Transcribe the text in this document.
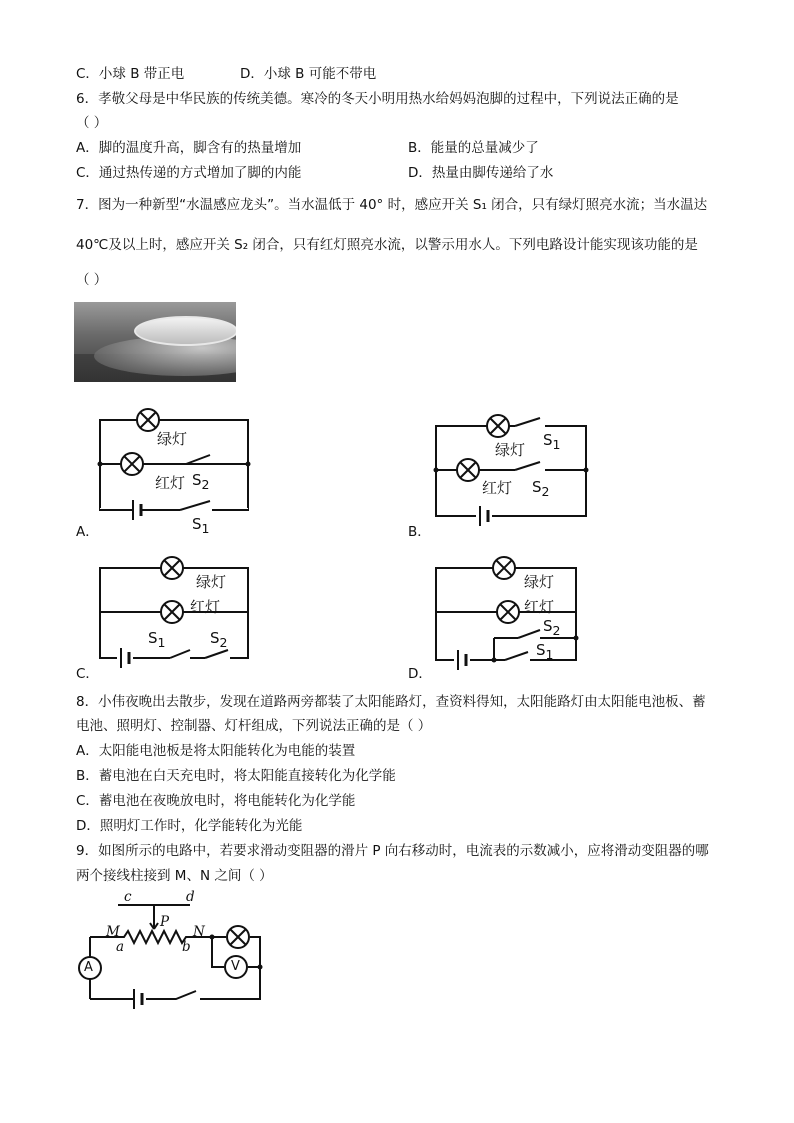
C．小球 B 带正电	D．小球 B 可能不带电
6．孝敬父母是中华民族的传统美德。寒冷的冬天小明用热水给妈妈泡脚的过程中，下列说法正确的是
（ ）
A．脚的温度升高，脚含有的热量增加	B．能量的总量减少了
C．通过热传递的方式增加了脚的内能	D．热量由脚传递给了水
7．图为一种新型“水温感应龙头”。当水温低于 40° 时，感应开关 S₁ 闭合，只有绿灯照亮水流；当水温达
40℃及以上时，感应开关 S₂ 闭合，只有红灯照亮水流，以警示用水人。下列电路设计能实现该功能的是
（ ）
绿灯
红灯 $S_2$
$S_1$
绿灯
$S_1$
红灯 $S_2$
绿灯
红灯
$S_1$	$S_2$
绿灯
红灯
$S_2$
$S_1$
A．	B．
C．	D．
8．小伟夜晚出去散步，发现在道路两旁都装了太阳能路灯，查资料得知，太阳能路灯由太阳能电池板、蓄
电池、照明灯、控制器、灯杆组成，下列说法正确的是（ ）
A．太阳能电池板是将太阳能转化为电能的装置
B．蓄电池在白天充电时，将太阳能直接转化为化学能
C．蓄电池在夜晚放电时，将电能转化为化学能
D．照明灯工作时，化学能转化为光能
9．如图所示的电路中，若要求滑动变阻器的滑片 P 向右移动时，电流表的示数减小，应将滑动变阻器的哪
两个接线柱接到 M、N 之间（ ）
c	d
P
M	N
a	b
A	V
